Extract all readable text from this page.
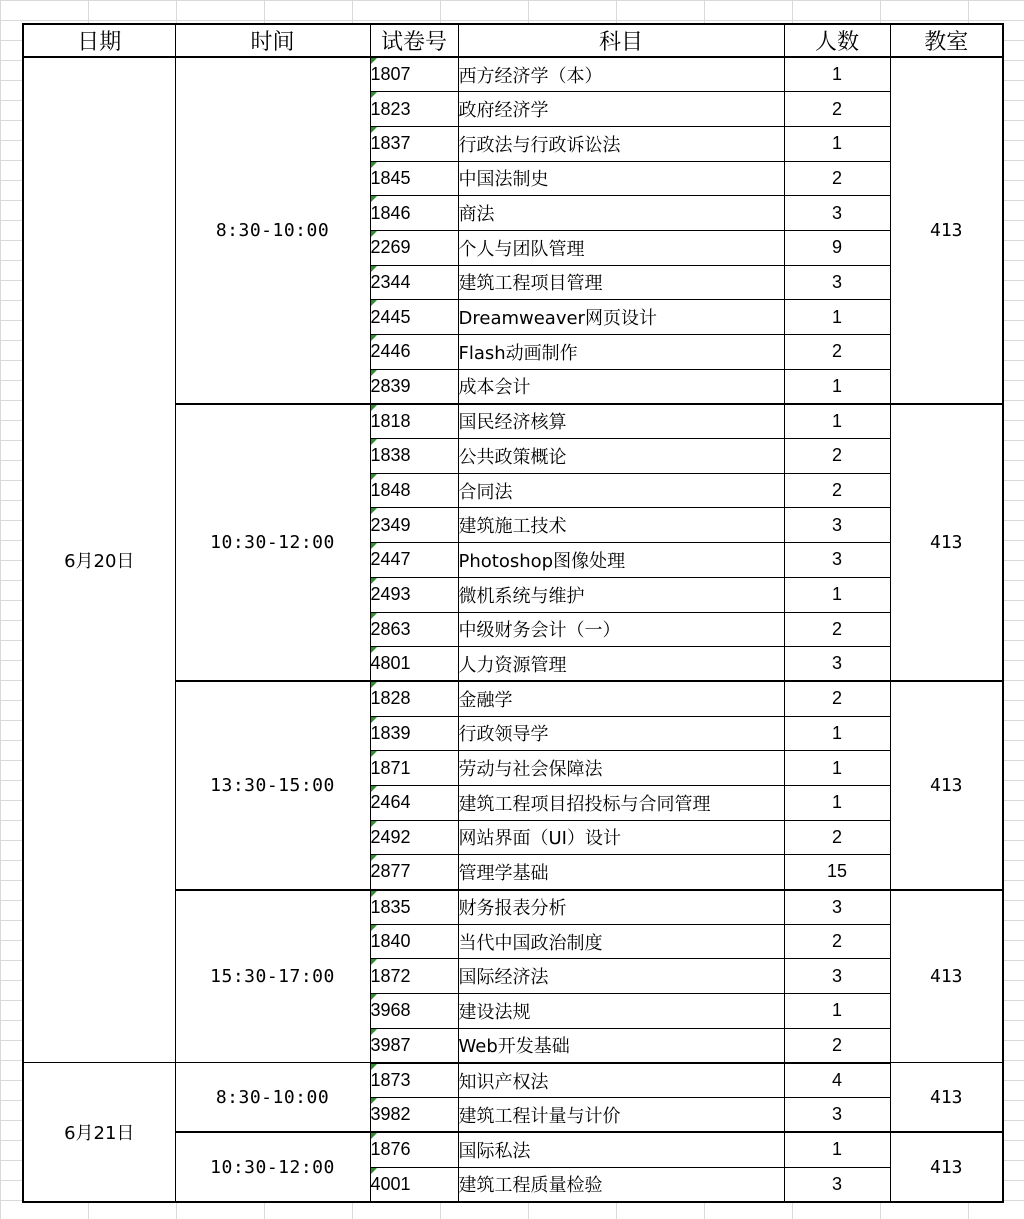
日期	时间	试卷号	科目	人数	教室
6月20日	8:30-10:00	1807	西方经济学（本）	1	413
		1823	政府经济学	2	
		1837	行政法与行政诉讼法	1	
		1845	中国法制史	2	
		1846	商法	3	
		2269	个人与团队管理	9	
		2344	建筑工程项目管理	3	
		2445	Dreamweaver网页设计	1	
		2446	Flash动画制作	2	
		2839	成本会计	1	
	10:30-12:00	1818	国民经济核算	1	413
		1838	公共政策概论	2	
		1848	合同法	2	
		2349	建筑施工技术	3	
		2447	Photoshop图像处理	3	
		2493	微机系统与维护	1	
		2863	中级财务会计（一）	2	
		4801	人力资源管理	3	
	13:30-15:00	1828	金融学	2	413
		1839	行政领导学	1	
		1871	劳动与社会保障法	1	
		2464	建筑工程项目招投标与合同管理	1	
		2492	网站界面（UI）设计	2	
		2877	管理学基础	15	
	15:30-17:00	1835	财务报表分析	3	413
		1840	当代中国政治制度	2	
		1872	国际经济法	3	
		3968	建设法规	1	
		3987	Web开发基础	2	
6月21日	8:30-10:00	1873	知识产权法	4	413
		3982	建筑工程计量与计价	3	
	10:30-12:00	1876	国际私法	1	413
		4001	建筑工程质量检验	3	
